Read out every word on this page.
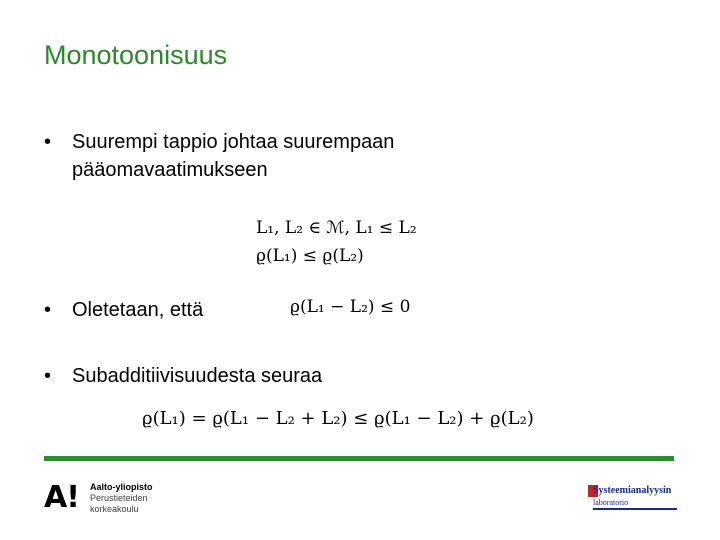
Monotoonisuus
• Suurempi tappio johtaa suurempaan
pääomavaatimukseen
L₁, L₂ ∈ ℳ, L₁ ≤ L₂
ϱ(L₁) ≤ ϱ(L₂)
• Oletetaan, että	ϱ(L₁ − L₂) ≤ 0
• Subadditiivisuudesta seuraa
ϱ(L₁) = ϱ(L₁ − L₂ + L₂) ≤ ϱ(L₁ − L₂) + ϱ(L₂)
A! Aalto-yliopisto
Perustieteiden
korkeakoulu
Systeemianalyysin
laboratorio
